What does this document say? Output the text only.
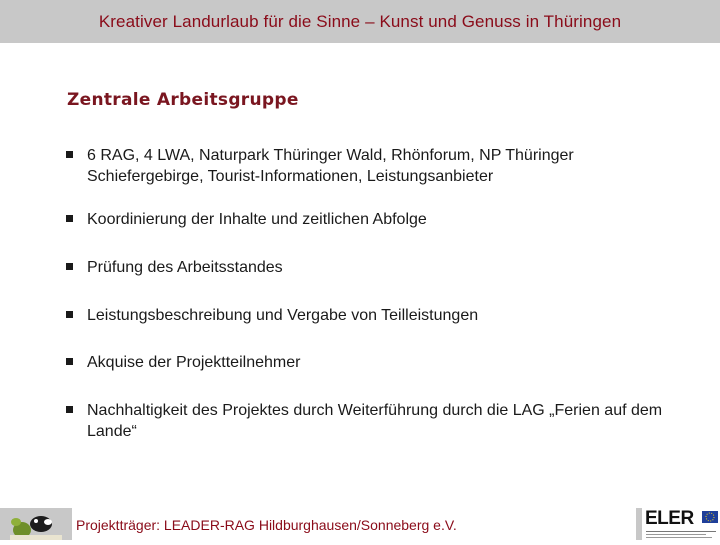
Kreativer Landurlaub für die Sinne – Kunst und Genuss in Thüringen
Zentrale Arbeitsgruppe
6 RAG, 4 LWA, Naturpark Thüringer Wald, Rhönforum, NP Thüringer Schiefergebirge, Tourist-Informationen, Leistungsanbieter
Koordinierung der Inhalte und zeitlichen Abfolge
Prüfung des Arbeitsstandes
Leistungsbeschreibung und Vergabe von Teilleistungen
Akquise der Projektteilnehmer
Nachhaltigkeit des Projektes durch Weiterführung durch die LAG „Ferien auf dem Lande“
Projektträger: LEADER-RAG Hildburghausen/Sonneberg e.V.	ELER
